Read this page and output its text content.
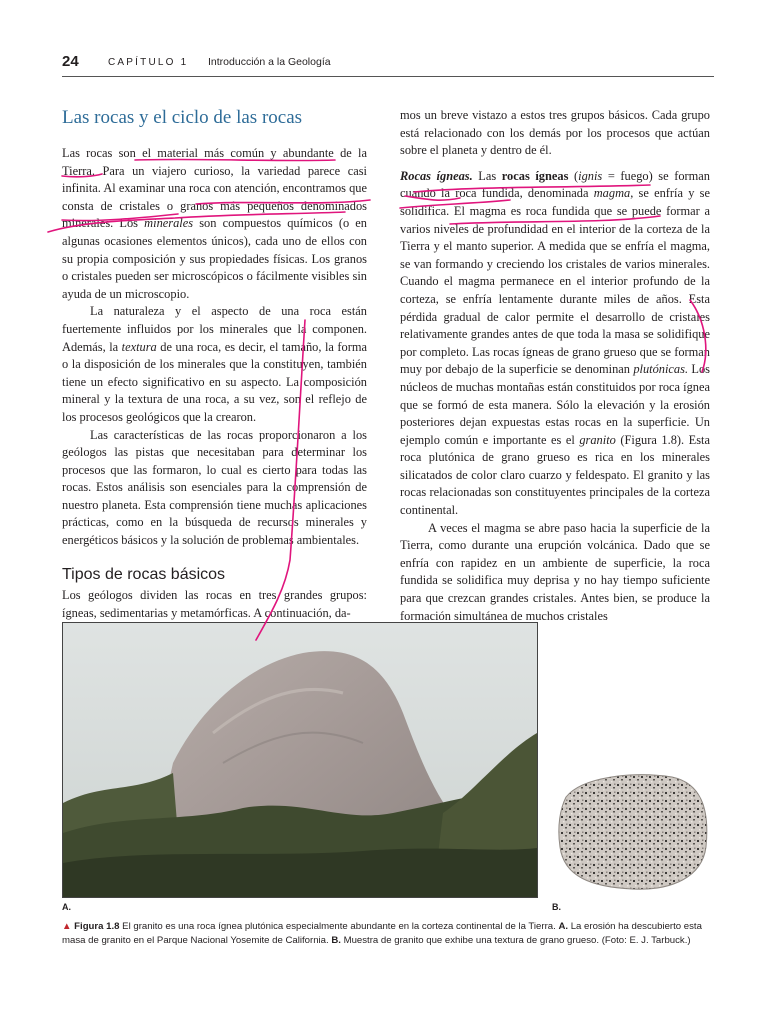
24	CAPÍTULO 1 Introducción a la Geología
Las rocas y el ciclo de las rocas

Las rocas son el material más común y abundante de la Tierra. Para un viajero curioso, la variedad parece casi infinita. Al examinar una roca con atención, encontramos que consta de cristales o granos más pequeños denominados minerales. Los minerales son compuestos químicos (o en algunas ocasiones elementos únicos), cada uno de ellos con su propia composición y sus propiedades físicas. Los granos o cristales pueden ser microscópicos o fácilmente visibles sin ayuda de un microscopio.

La naturaleza y el aspecto de una roca están fuertemente influidos por los minerales que la componen. Además, la textura de una roca, es decir, el tamaño, la forma o la disposición de los minerales que la constituyen, también tiene un efecto significativo en su aspecto. La composición mineral y la textura de una roca, a su vez, son el reflejo de los procesos geológicos que la crearon.

Las características de las rocas proporcionaron a los geólogos las pistas que necesitaban para determinar los procesos que las formaron, lo cual es cierto para todas las rocas. Estos análisis son esenciales para la comprensión de nuestro planeta. Esta comprensión tiene muchas aplicaciones prácticas, como en la búsqueda de recursos minerales y energéticos básicos y la solución de problemas ambientales.

Tipos de rocas básicos

Los geólogos dividen las rocas en tres grandes grupos: ígneas, sedimentarias y metamórficas. A continuación, da-

mos un breve vistazo a estos tres grupos básicos. Cada grupo está relacionado con los demás por los procesos que actúan sobre el planeta y dentro de él.

Rocas ígneas. Las rocas ígneas (ignis = fuego) se forman cuando la roca fundida, denominada magma, se enfría y se solidifica. El magma es roca fundida que se puede formar a varios niveles de profundidad en el interior de la corteza de la Tierra y el manto superior. A medida que se enfría el magma, se van formando y creciendo los cristales de varios minerales. Cuando el magma permanece en el interior profundo de la corteza, se enfría lentamente durante miles de años. Esta pérdida gradual de calor permite el desarrollo de cristales relativamente grandes antes de que toda la masa se solidifique por completo. Las rocas ígneas de grano grueso que se forman muy por debajo de la superficie se denominan plutónicas. Los núcleos de muchas montañas están constituidos por roca ígnea que se formó de esta manera. Sólo la elevación y la erosión posteriores dejan expuestas estas rocas en la superficie. Un ejemplo común e importante es el granito (Figura 1.8). Esta roca plutónica de grano grueso es rica en los minerales silicatados de color claro cuarzo y feldespato. El granito y las rocas relacionadas son constituyentes principales de la corteza continental.

A veces el magma se abre paso hacia la superficie de la Tierra, como durante una erupción volcánica. Dado que se enfría con rapidez en un ambiente de superficie, la roca fundida se solidifica muy deprisa y no hay tiempo suficiente para que crezcan grandes cristales. Antes bien, se produce la formación simultánea de muchos cristales

A.	B.
▲ Figura 1.8 El granito es una roca ígnea plutónica especialmente abundante en la corteza continental de la Tierra. A. La erosión ha descubierto esta masa de granito en el Parque Nacional Yosemite de California. B. Muestra de granito que exhibe una textura de grano grueso. (Foto: E. J. Tarbuck.)
